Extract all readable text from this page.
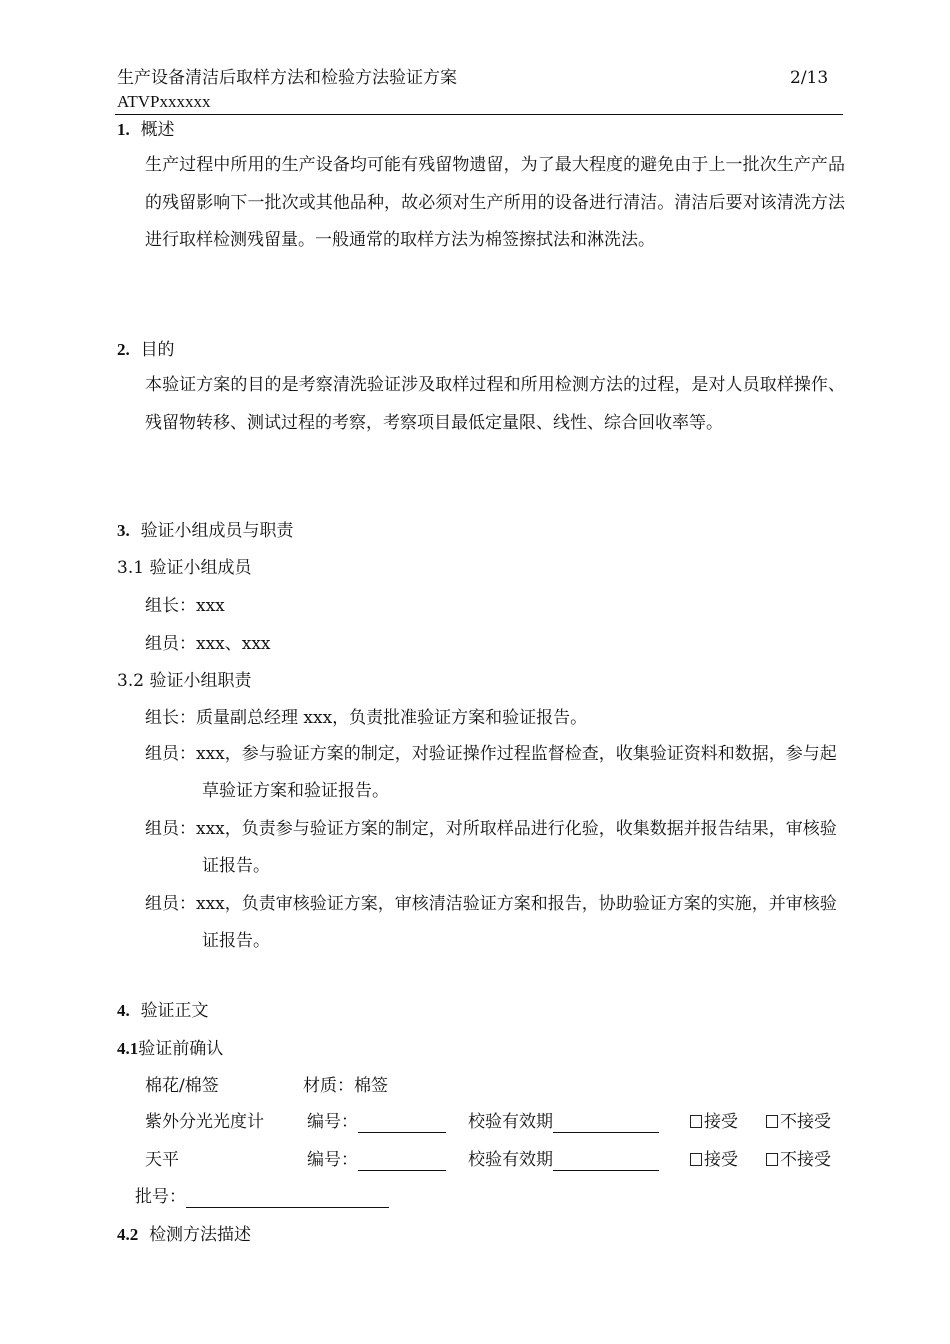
生产设备清洁后取样方法和检验方法验证方案	2/13
ATVPxxxxxx
1. 概述
生产过程中所用的生产设备均可能有残留物遗留，为了最大程度的避免由于上一批次生产产品的残留影响下一批次或其他品种，故必须对生产所用的设备进行清洁。清洁后要对该清洗方法进行取样检测残留量。一般通常的取样方法为棉签擦拭法和淋洗法。
2. 目的
本验证方案的目的是考察清洗验证涉及取样过程和所用检测方法的过程，是对人员取样操作、残留物转移、测试过程的考察，考察项目最低定量限、线性、综合回收率等。
3. 验证小组成员与职责
3.1 验证小组成员
组长：xxx
组员：xxx、xxx
3.2 验证小组职责
组长：质量副总经理 xxx，负责批准验证方案和验证报告。
组员：xxx，参与验证方案的制定，对验证操作过程监督检查，收集验证资料和数据，参与起草验证方案和验证报告。
组员：xxx，负责参与验证方案的制定，对所取样品进行化验，收集数据并报告结果，审核验证报告。
组员：xxx，负责审核验证方案，审核清洁验证方案和报告，协助验证方案的实施，并审核验证报告。
4. 验证正文
4.1验证前确认
棉花/棉签	材质：棉签
紫外分光光度计	编号：	校验有效期	接受	不接受
天平	编号：	校验有效期	接受	不接受
批号：
4.2 检测方法描述
